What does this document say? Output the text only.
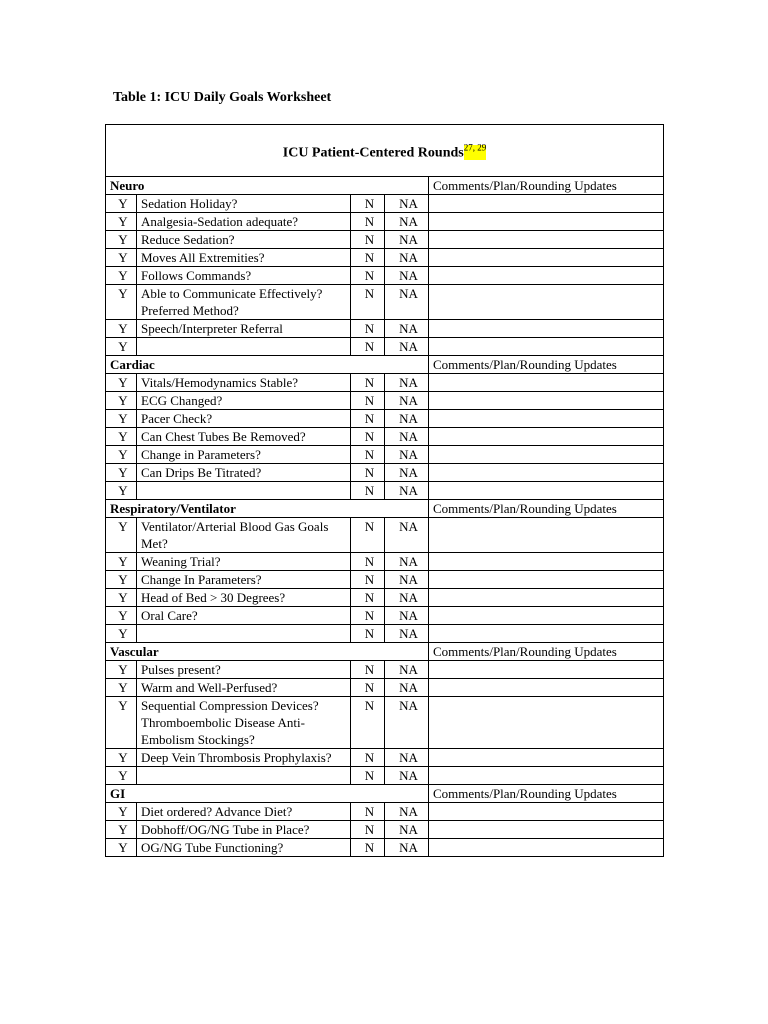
Table 1: ICU Daily Goals Worksheet
ICU Patient-Centered Rounds$^{27, 29}$
Neuro				Comments/Plan/Rounding Updates
Y	Sedation Holiday?	N	NA	
Y	Analgesia-Sedation adequate?	N	NA	
Y	Reduce Sedation?	N	NA	
Y	Moves All Extremities?	N	NA	
Y	Follows Commands?	N	NA	
Y	Able to Communicate Effectively? Preferred Method?	N	NA	
Y	Speech/Interpreter Referral	N	NA	
Y		N	NA	
Cardiac				Comments/Plan/Rounding Updates
Y	Vitals/Hemodynamics Stable?	N	NA	
Y	ECG Changed?	N	NA	
Y	Pacer Check?	N	NA	
Y	Can Chest Tubes Be Removed?	N	NA	
Y	Change in Parameters?	N	NA	
Y	Can Drips Be Titrated?	N	NA	
Y		N	NA	
Respiratory/Ventilator				Comments/Plan/Rounding Updates
Y	Ventilator/Arterial Blood Gas Goals Met?	N	NA	
Y	Weaning Trial?	N	NA	
Y	Change In Parameters?	N	NA	
Y	Head of Bed > 30 Degrees?	N	NA	
Y	Oral Care?	N	NA	
Y		N	NA	
Vascular				Comments/Plan/Rounding Updates
Y	Pulses present?	N	NA	
Y	Warm and Well-Perfused?	N	NA	
Y	Sequential Compression Devices? Thromboembolic Disease Anti-Embolism Stockings?	N	NA	
Y	Deep Vein Thrombosis Prophylaxis?	N	NA	
Y		N	NA	
GI				Comments/Plan/Rounding Updates
Y	Diet ordered? Advance Diet?	N	NA	
Y	Dobhoff/OG/NG Tube in Place?	N	NA	
Y	OG/NG Tube Functioning?	N	NA	
